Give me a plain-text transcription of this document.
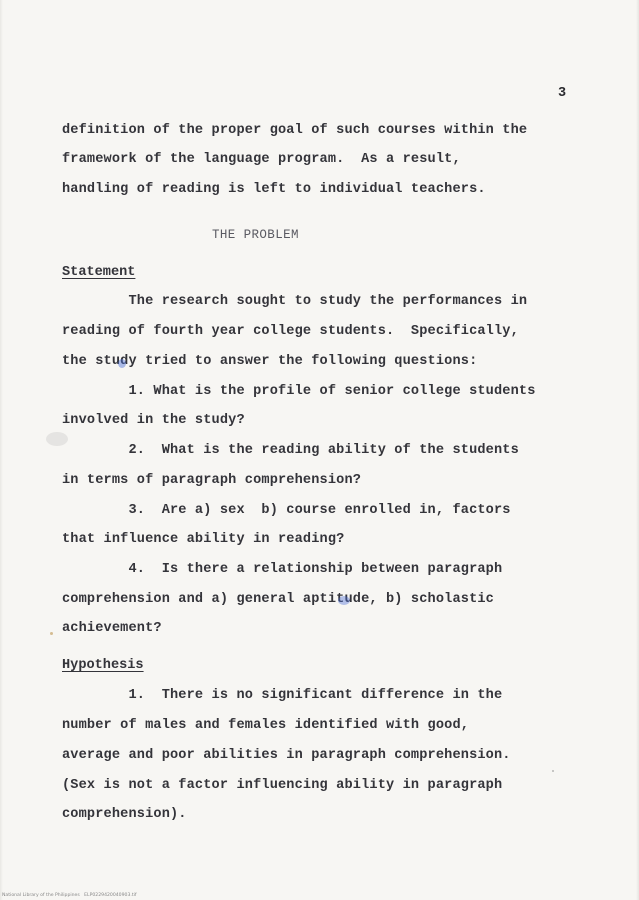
3
definition of the proper goal of such courses within the
framework of the language program.  As a result,
handling of reading is left to individual teachers.
THE PROBLEM
Statement
The research sought to study the performances in
reading of fourth year college students.  Specifically,
the study tried to answer the following questions:
1. What is the profile of senior college students
involved in the study?
2.  What is the reading ability of the students
in terms of paragraph comprehension?
3.  Are a) sex  b) course enrolled in, factors
that influence ability in reading?
4.  Is there a relationship between paragraph
comprehension and a) general aptitude, b) scholastic
achievement?
Hypothesis
1.  There is no significant difference in the
number of males and females identified with good,
average and poor abilities in paragraph comprehension.
(Sex is not a factor influencing ability in paragraph
comprehension).
National Library of the Philippines   ELP0229420040903.tif
